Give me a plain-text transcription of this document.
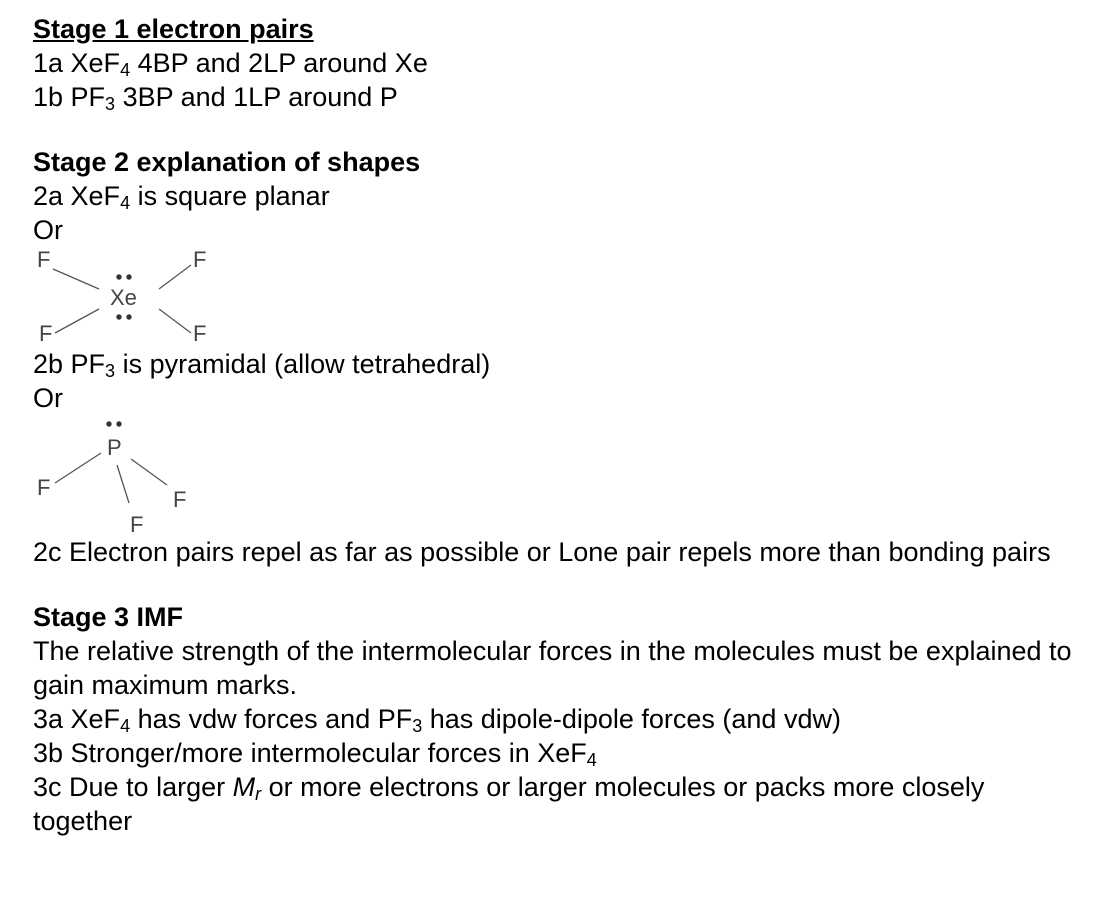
Stage 1 electron pairs
1a XeF$_4$ 4BP and 2LP around Xe
1b $PF_3$ 3BP and 1LP around P
Stage 2 explanation of shapes
2a XeF$_4$ is square planar
Or
F	F
F	F
Xe
2b $PF_3$ is pyramidal (allow tetrahedral)
Or
P
F	F
F
2c Electron pairs repel as far as possible or Lone pair repels more than bonding pairs
Stage 3 IMF
The relative strength of the intermolecular forces in the molecules must be explained to gain maximum marks.
3a XeF$_4$ has vdw forces and $PF_3$ has dipole-dipole forces (and vdw)
3b Stronger/more intermolecular forces in XeF$_4$
3c Due to larger $M_r$ or more electrons or larger molecules or packs more closely together
